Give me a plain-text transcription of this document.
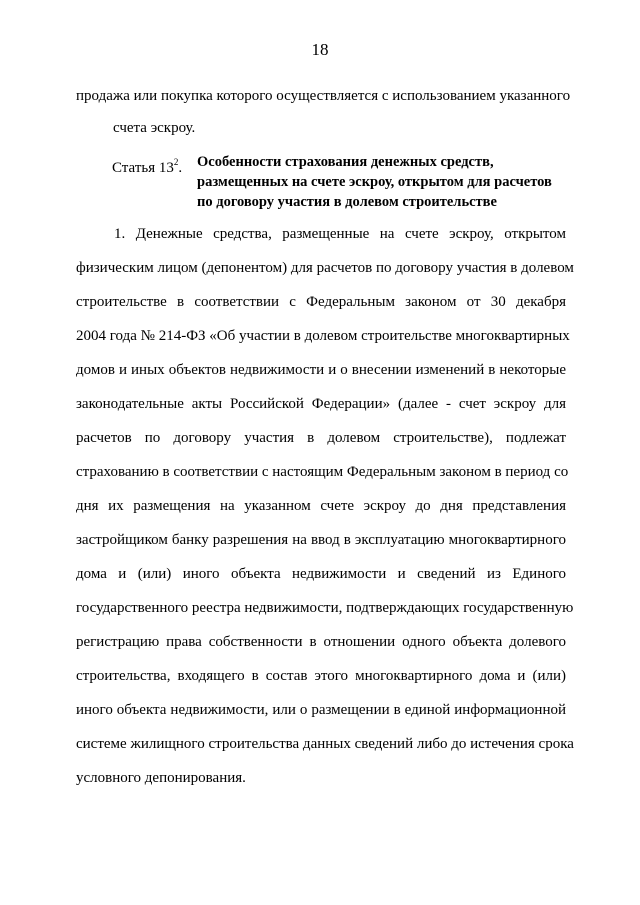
18
продажа или покупка которого осуществляется с использованием указанного
счета эскроу.
Статья $13^2$. Особенности страхования денежных средств,
размещенных на счете эскроу, открытом для расчетов
по договору участия в долевом строительстве
1. Денежные средства, размещенные на счете эскроу, открытом
физическим лицом (депонентом) для расчетов по договору участия в долевом
строительстве в соответствии с Федеральным законом от 30 декабря
2004 года № 214-ФЗ «Об участии в долевом строительстве многоквартирных
домов и иных объектов недвижимости и о внесении изменений в некоторые
законодательные акты Российской Федерации» (далее - счет эскроу для
расчетов по договору участия в долевом строительстве), подлежат
страхованию в соответствии с настоящим Федеральным законом в период со
дня их размещения на указанном счете эскроу до дня представления
застройщиком банку разрешения на ввод в эксплуатацию многоквартирного
дома и (или) иного объекта недвижимости и сведений из Единого
государственного реестра недвижимости, подтверждающих государственную
регистрацию права собственности в отношении одного объекта долевого
строительства, входящего в состав этого многоквартирного дома и (или)
иного объекта недвижимости, или о размещении в единой информационной
системе жилищного строительства данных сведений либо до истечения срока
условного депонирования.
